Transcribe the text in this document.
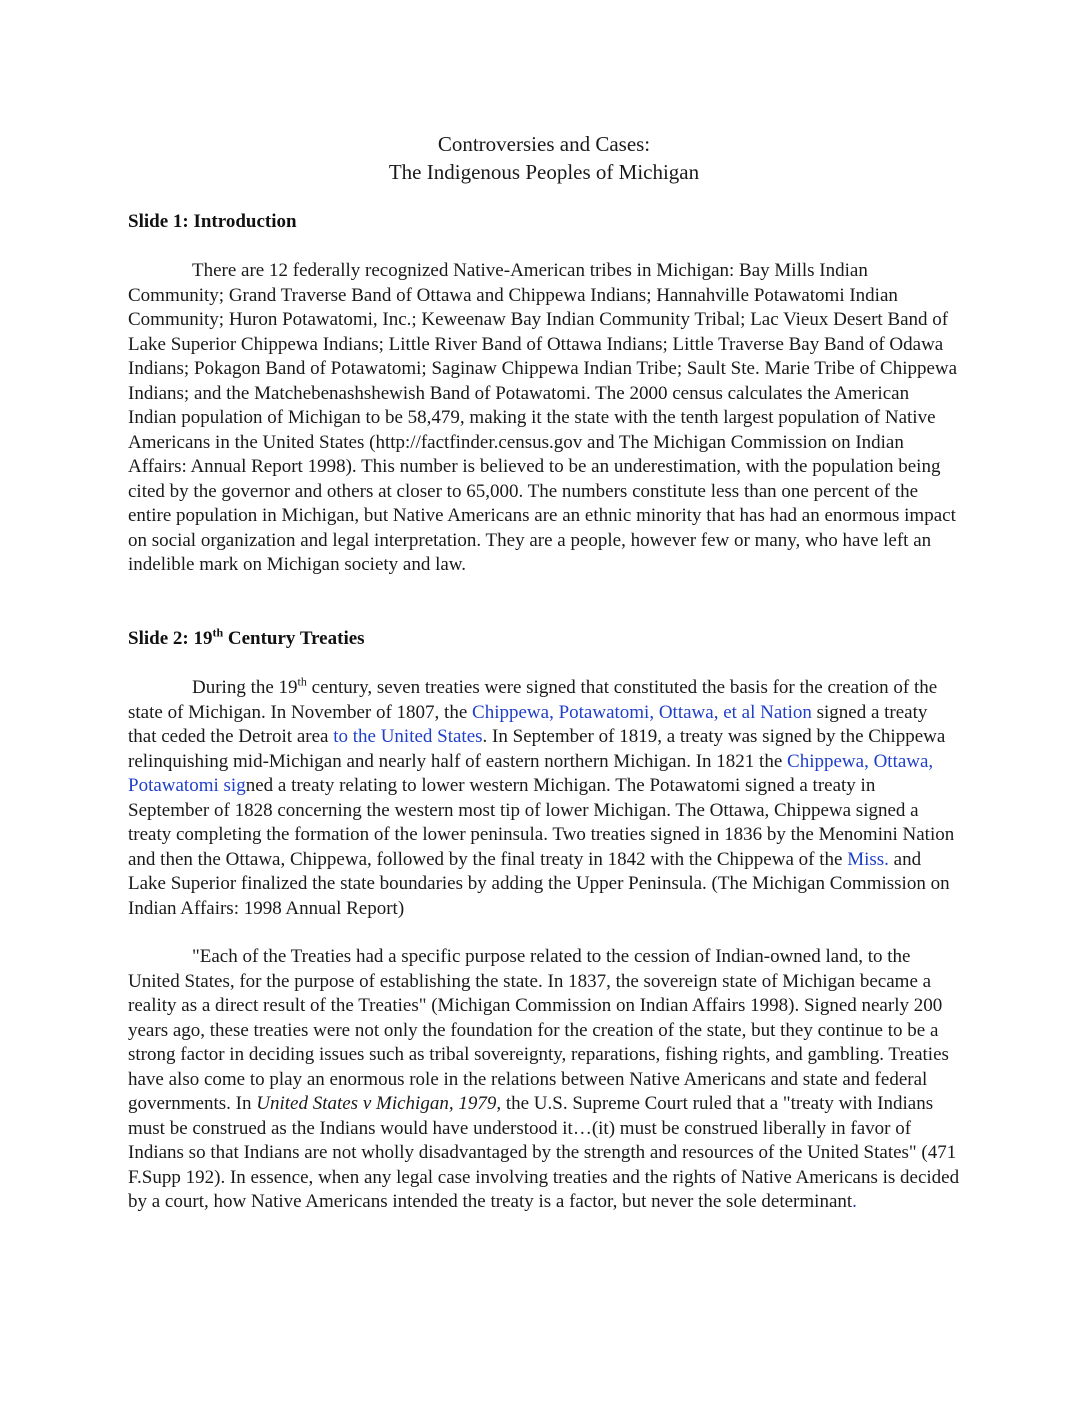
Controversies and Cases:
The Indigenous Peoples of Michigan
Slide 1: Introduction

There are 12 federally recognized Native-American tribes in Michigan: Bay Mills Indian Community; Grand Traverse Band of Ottawa and Chippewa Indians; Hannahville Potawatomi Indian Community; Huron Potawatomi, Inc.; Keweenaw Bay Indian Community Tribal; Lac Vieux Desert Band of Lake Superior Chippewa Indians; Little River Band of Ottawa Indians; Little Traverse Bay Band of Odawa Indians; Pokagon Band of Potawatomi; Saginaw Chippewa Indian Tribe; Sault Ste. Marie Tribe of Chippewa Indians; and the Matchebenashshewish Band of Potawatomi. The 2000 census calculates the American Indian population of Michigan to be 58,479, making it the state with the tenth largest population of Native Americans in the United States (http://factfinder.census.gov and The Michigan Commission on Indian Affairs: Annual Report 1998). This number is believed to be an underestimation, with the population being cited by the governor and others at closer to 65,000. The numbers constitute less than one percent of the entire population in Michigan, but Native Americans are an ethnic minority that has had an enormous impact on social organization and legal interpretation. They are a people, however few or many, who have left an indelible mark on Michigan society and law.

Slide 2: 19th Century Treaties

During the 19th century, seven treaties were signed that constituted the basis for the creation of the state of Michigan. In November of 1807, the Chippewa, Potawatomi, Ottawa, et al Nation signed a treaty that ceded the Detroit area to the United States. In September of 1819, a treaty was signed by the Chippewa relinquishing mid-Michigan and nearly half of eastern northern Michigan. In 1821 the Chippewa, Ottawa, Potawatomi signed a treaty relating to lower western Michigan. The Potawatomi signed a treaty in September of 1828 concerning the western most tip of lower Michigan. The Ottawa, Chippewa signed a treaty completing the formation of the lower peninsula. Two treaties signed in 1836 by the Menomini Nation and then the Ottawa, Chippewa, followed by the final treaty in 1842 with the Chippewa of the Miss. and Lake Superior finalized the state boundaries by adding the Upper Peninsula. (The Michigan Commission on Indian Affairs: 1998 Annual Report)

"Each of the Treaties had a specific purpose related to the cession of Indian-owned land, to the United States, for the purpose of establishing the state. In 1837, the sovereign state of Michigan became a reality as a direct result of the Treaties" (Michigan Commission on Indian Affairs 1998). Signed nearly 200 years ago, these treaties were not only the foundation for the creation of the state, but they continue to be a strong factor in deciding issues such as tribal sovereignty, reparations, fishing rights, and gambling. Treaties have also come to play an enormous role in the relations between Native Americans and state and federal governments. In United States v Michigan, 1979, the U.S. Supreme Court ruled that a "treaty with Indians must be construed as the Indians would have understood it…(it) must be construed liberally in favor of Indians so that Indians are not wholly disadvantaged by the strength and resources of the United States" (471 F.Supp 192). In essence, when any legal case involving treaties and the rights of Native Americans is decided by a court, how Native Americans intended the treaty is a factor, but never the sole determinant.
